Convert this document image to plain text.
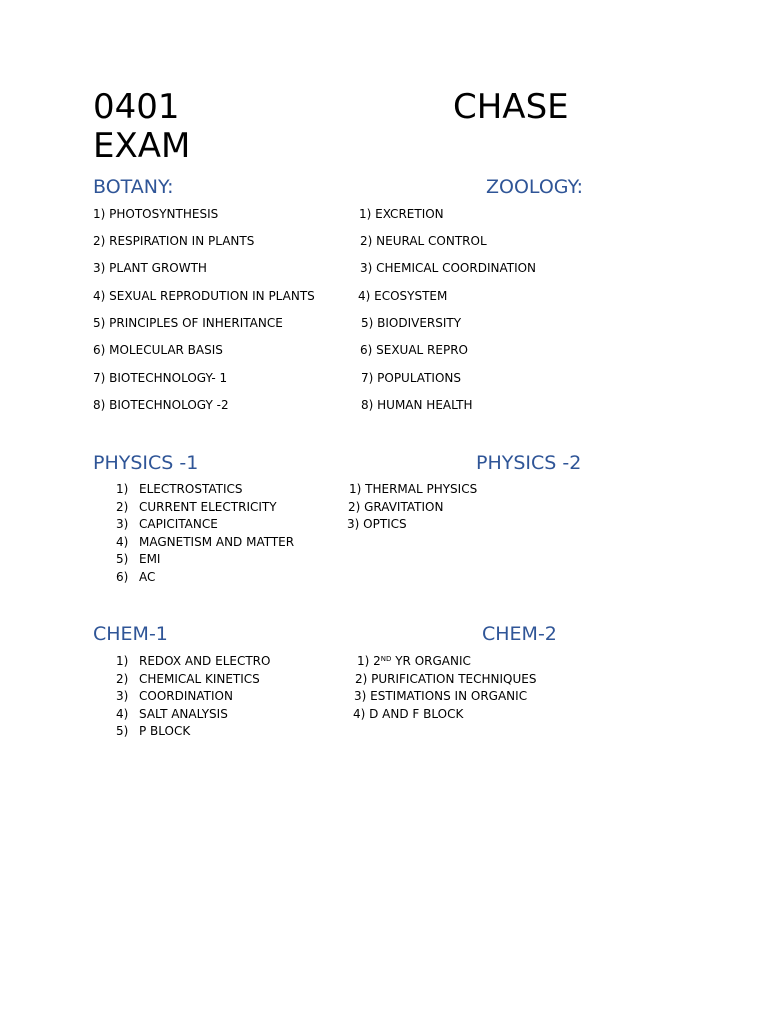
0401	CHASE
EXAM
BOTANY:	ZOOLOGY:
1) PHOTOSYNTHESIS
2) RESPIRATION IN PLANTS
3) PLANT GROWTH
4) SEXUAL REPRODUTION IN PLANTS
5) PRINCIPLES OF INHERITANCE
6) MOLECULAR BASIS
7) BIOTECHNOLOGY- 1
8) BIOTECHNOLOGY -2
1) EXCRETION
2) NEURAL CONTROL
3) CHEMICAL COORDINATION
4) ECOSYSTEM
5) BIODIVERSITY
6) SEXUAL REPRO
7) POPULATIONS
8) HUMAN HEALTH
PHYSICS -1	PHYSICS -2
1) ELECTROSTATICS
2) CURRENT ELECTRICITY
3) CAPICITANCE
4) MAGNETISM AND MATTER
5) EMI
6) AC
1) THERMAL PHYSICS
2) GRAVITATION
3) OPTICS
CHEM-1	CHEM-2
1) REDOX AND ELECTRO
2) CHEMICAL KINETICS
3) COORDINATION
4) SALT ANALYSIS
5) P BLOCK
1) 2ND YR ORGANIC
2) PURIFICATION TECHNIQUES
3) ESTIMATIONS IN ORGANIC
4) D AND F BLOCK
